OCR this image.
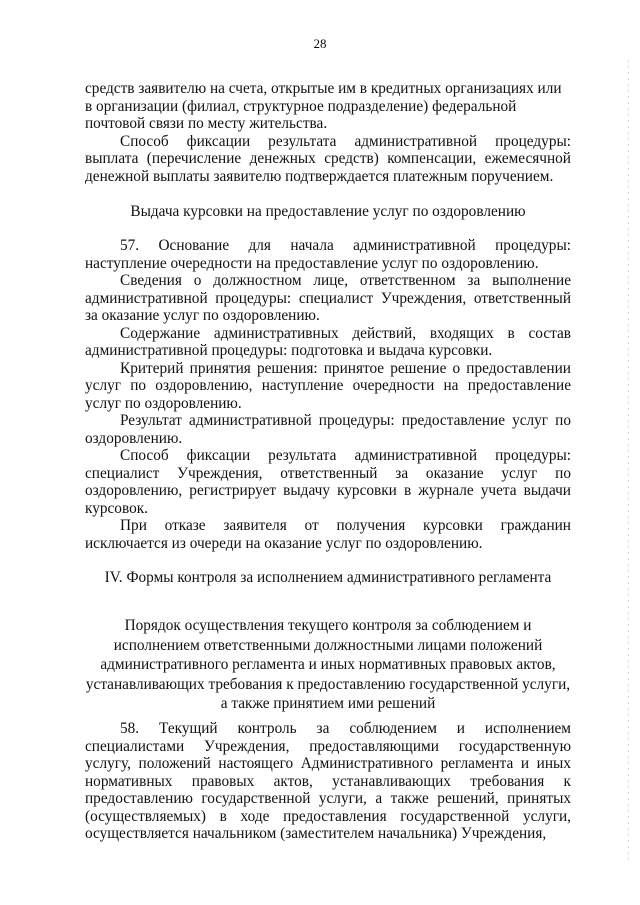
28

средств заявителю на счета, открытые им в кредитных организациях или в организации (филиал, структурное подразделение) федеральной почтовой связи по месту жительства.

Способ фиксации результата административной процедуры: выплата (перечисление денежных средств) компенсации, ежемесячной денежной выплаты заявителю подтверждается платежным поручением.

Выдача курсовки на предоставление услуг по оздоровлению

57. Основание для начала административной процедуры: наступление очередности на предоставление услуг по оздоровлению.

Сведения о должностном лице, ответственном за выполнение административной процедуры: специалист Учреждения, ответственный за оказание услуг по оздоровлению.

Содержание административных действий, входящих в состав административной процедуры: подготовка и выдача курсовки.

Критерий принятия решения: принятое решение о предоставлении услуг по оздоровлению, наступление очередности на предоставление услуг по оздоровлению.

Результат административной процедуры: предоставление услуг по оздоровлению.

Способ фиксации результата административной процедуры: специалист Учреждения, ответственный за оказание услуг по оздоровлению, регистрирует выдачу курсовки в журнале учета выдачи курсовок.

При отказе заявителя от получения курсовки гражданин исключается из очереди на оказание услуг по оздоровлению.

IV. Формы контроля за исполнением административного регламента
Порядок осуществления текущего контроля за соблюдением и исполнением ответственными должностными лицами положений административного регламента и иных нормативных правовых актов, устанавливающих требования к предоставлению государственной услуги, а также принятием ими решений

58. Текущий контроль за соблюдением и исполнением специалистами Учреждения, предоставляющими государственную услугу, положений настоящего Административного регламента и иных нормативных правовых актов, устанавливающих требования к предоставлению государственной услуги, а также решений, принятых (осуществляемых) в ходе предоставления государственной услуги, осуществляется начальником (заместителем начальника) Учреждения,
